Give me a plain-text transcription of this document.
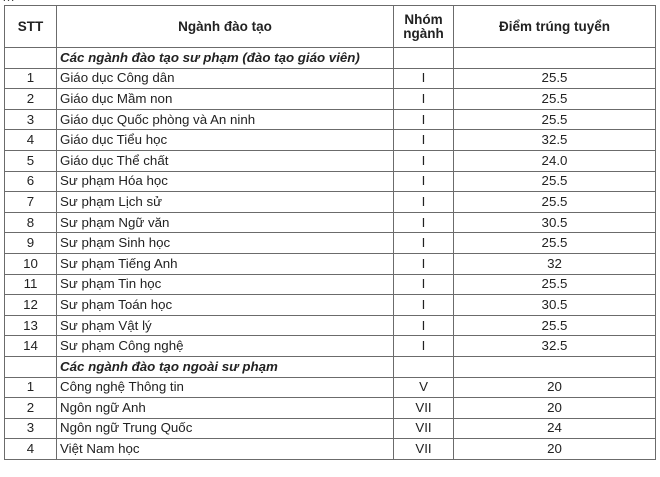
STT	Ngành đào tạo	Nhóm ngành	Điểm trúng tuyển
	Các ngành đào tạo sư phạm (đào tạo giáo viên)		
1	Giáo dục Công dân	I	25.5
2	Giáo dục Mầm non	I	25.5
3	Giáo dục Quốc phòng và An ninh	I	25.5
4	Giáo dục Tiểu học	I	32.5
5	Giáo dục Thể chất	I	24.0
6	Sư phạm Hóa học	I	25.5
7	Sư phạm Lịch sử	I	25.5
8	Sư phạm Ngữ văn	I	30.5
9	Sư phạm Sinh học	I	25.5
10	Sư phạm Tiếng Anh	I	32
11	Sư phạm Tin học	I	25.5
12	Sư phạm Toán học	I	30.5
13	Sư phạm Vật lý	I	25.5
14	Sư phạm Công nghệ	I	32.5
	Các ngành đào tạo ngoài sư phạm		
1	Công nghệ Thông tin	V	20
2	Ngôn ngữ Anh	VII	20
3	Ngôn ngữ Trung Quốc	VII	24
4	Việt Nam học	VII	20
